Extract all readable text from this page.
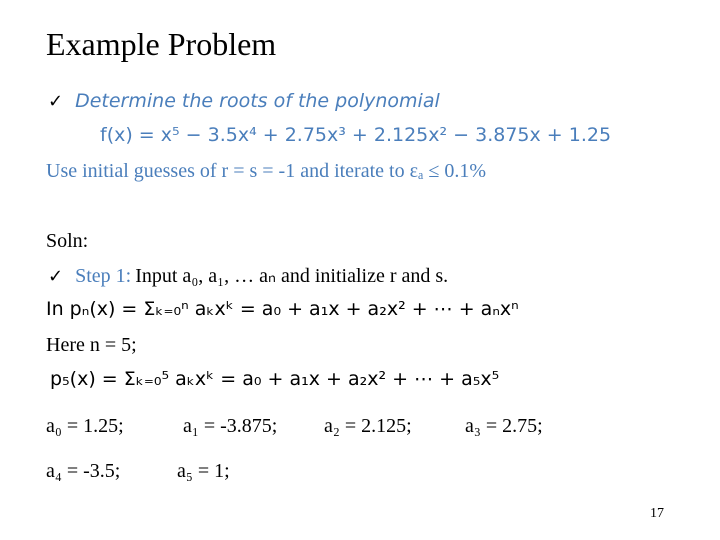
Example Problem
✓ Determine the roots of the polynomial
f(x) = x⁵ − 3.5x⁴ + 2.75x³ + 2.125x² − 3.875x + 1.25
Use initial guesses of r = s = -1 and iterate to εₐ ≤ 0.1%
Soln:
✓ Step 1: Input a₀, a₁, … aₙ and initialize r and s.
In pₙ(x) = Σₖ₌₀ⁿ aₖxᵏ = a₀ + a₁x + a₂x² + ⋯ + aₙxⁿ
Here n = 5;
p₅(x) = Σₖ₌₀⁵ aₖxᵏ = a₀ + a₁x + a₂x² + ⋯ + a₅x⁵
a₀ = 1.25;	a₁ = -3.875; a₂ = 2.125;	a₃ = 2.75;
a₄ = -3.5;	a₅ = 1;
17
